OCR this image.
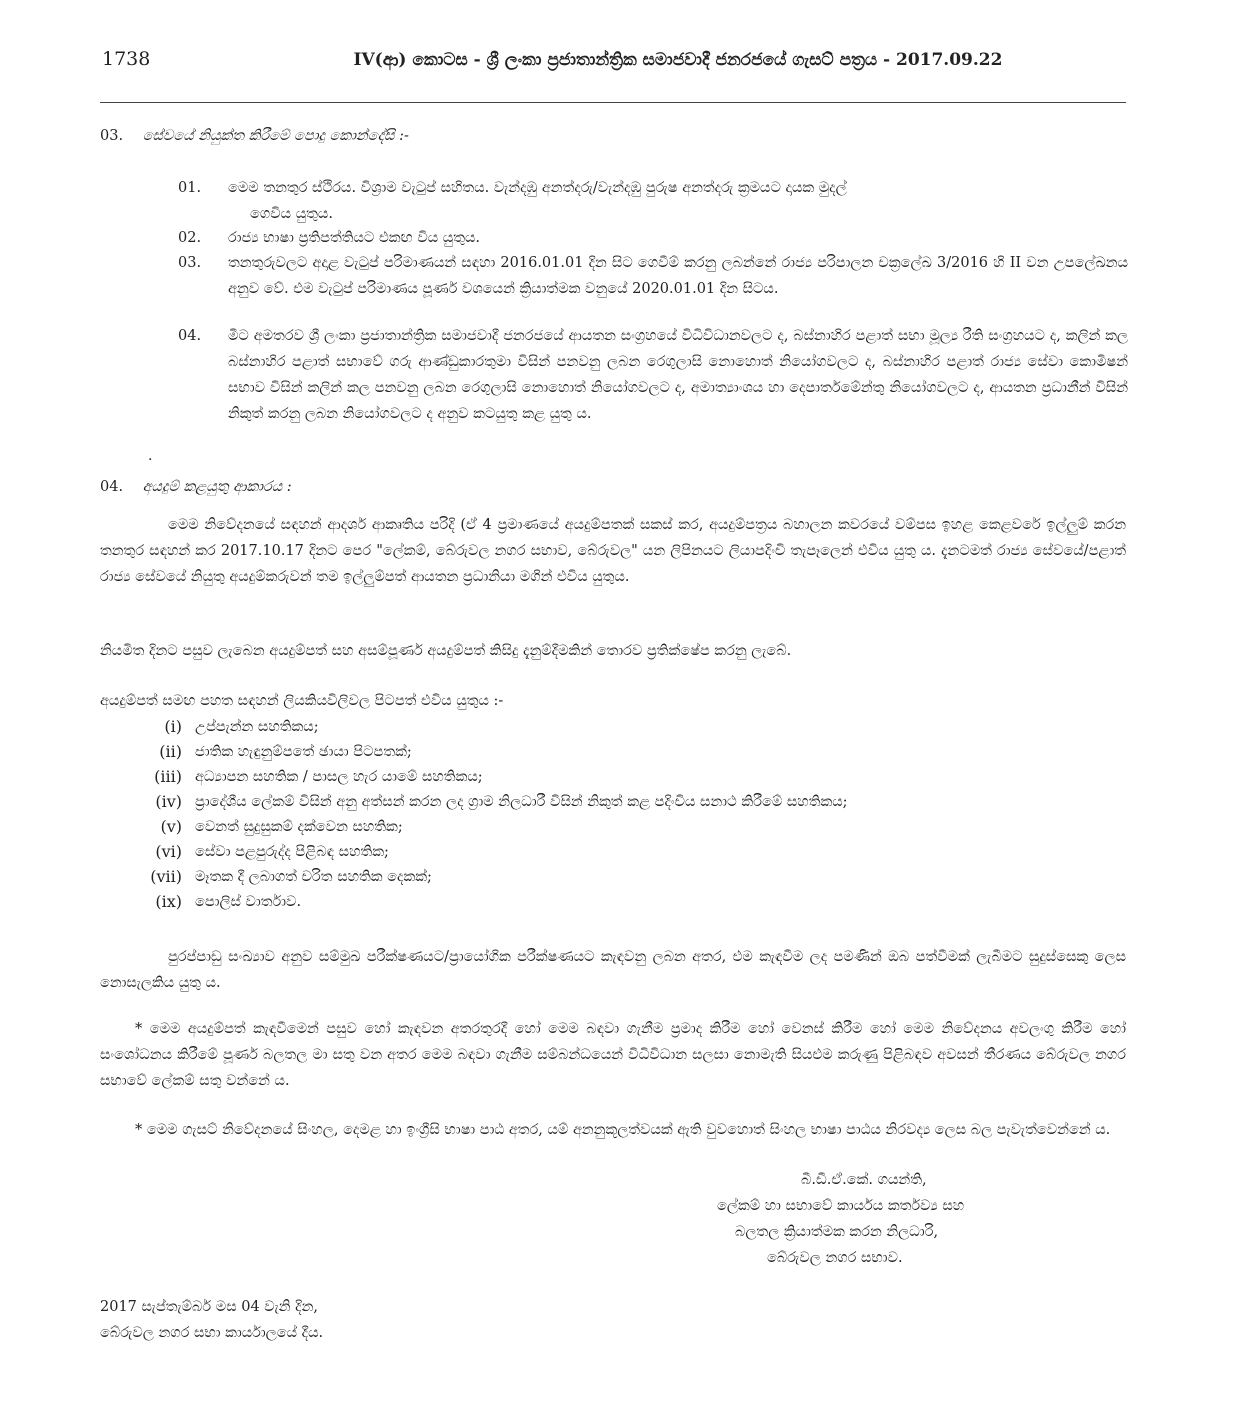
1738	IV(ආ) කොටස - ශ්‍රී ලංකා ප්‍රජාතාන්ත්‍රික සමාජවාදී ජනරජයේ ගැසට් පත්‍රය - 2017.09.22
03. සේවයේ නියුක්ත කිරීමේ පොදු කොන්දේසි :-
01.	මෙම තනතුර ස්ථිරය. විශ්‍රාම වැටුප් සහිතය. වැන්දඹු අනත්දරු/වැන්දඹු පුරුෂ අනත්දරු ක්‍රමයට දායක මුදල්
ගෙවිය යුතුය.
02.	රාජ්‍ය භාෂා ප්‍රතිපත්තියට එකඟ විය යුතුය.
03.	තනතුරුවලට අදාළ වැටුප් පරිමාණයන් සඳහා 2016.01.01 දින සිට ගෙවීම් කරනු ලබන්නේ රාජ්‍ය පරිපාලන චක්‍රලේඛ 3/2016 හි II වන උපලේඛනය අනුව වේ. එම වැටුප් පරිමාණය පූර්ණ වශයෙන් ක්‍රියාත්මක වනුයේ 2020.01.01 දින සිටය.
04.	මීට අමතරව ශ්‍රී ලංකා ප්‍රජාතාන්ත්‍රික සමාජවාදී ජනරජයේ ආයතන සංග්‍රහයේ විධිවිධානවලට ද, බස්නාහිර පළාත් සභා මූල්‍ය රීති සංග්‍රහයට ද, කලින් කල බස්නාහිර පළාත් සභාවේ ගරු ආණ්ඩුකාරතුමා විසින් පනවනු ලබන රෙගුලාසි නොහොත් නියෝගවලට ද, බස්නාහිර පළාත් රාජ්‍ය සේවා කොමිෂන් සභාව විසින් කලින් කල පනවනු ලබන රෙගුලාසි නොහොත් නියෝගවලට ද, අමාත්‍යාංශය හා දෙපාර්තමේන්තු නියෝගවලට ද, ආයතන ප්‍රධානීන් විසින් නිකුත් කරනු ලබන නියෝගවලට ද අනුව කටයුතු කළ යුතු ය.
.
04. අයදුම් කළයුතු ආකාරය :
මෙම නිවේදනයේ සඳහන් ආදර්ශ ආකෘතිය පරිදි (ඒ 4 ප්‍රමාණයේ අයදුම්පතක් සකස් කර, අයදුම්පත්‍රය බහාලන කවරයේ වම්පස ඉහළ කෙළවරේ ඉල්ලුම් කරන තනතුර සඳහන් කර 2017.10.17 දිනට පෙර "ලේකම්, බේරුවල නගර සභාව, බේරුවල" යන ලිපිනයට ලියාපදිංචි තැපෑලෙන් එවිය යුතු ය. දැනටමත් රාජ්‍ය සේවයේ/පළාත් රාජ්‍ය සේවයේ නියුතු අයදුම්කරුවන් තම ඉල්ලුම්පත් ආයතන ප්‍රධානියා මගින් එවිය යුතුය.
නියමිත දිනට පසුව ලැබෙන අයදුම්පත් සහ අසම්පූර්ණ අයදුම්පත් කිසිදු දැනුම්දීමකින් තොරව ප්‍රතික්ෂේප කරනු ලැබේ.
අයදුම්පත් සමඟ පහත සඳහන් ලියකියවිලිවල පිටපත් එවිය යුතුය :-
(i) උප්පැන්න සහතිකය;
(ii) ජාතික හැඳුනුම්පතේ ඡායා පිටපතක්;
(iii) අධ්‍යාපන සහතික / පාසල හැර යාමේ සහතිකය;
(iv) ප්‍රාදේශීය ලේකම් විසින් අනු අත්සන් කරන ලද ග්‍රාම නිලධාරී විසින් නිකුත් කළ පදිංචිය සනාථ කිරීමේ සහතිකය;
(v) වෙනත් සුදුසුකම් දක්වෙන සහතික;
(vi) සේවා පළපුරුද්ද පිළිබඳ සහතික;
(vii) මෑතක දී ලබාගත් චරිත සහතික දෙකක්;
(ix) පොලිස් වාර්තාව.
පුරප්පාඩු සංඛ්‍යාව අනුව සම්මුඛ පරීක්ෂණයට/ප්‍රායෝගික පරීක්ෂණයට කැඳවනු ලබන අතර, එම කැඳවීම ලද පමණින් ඔබ පත්වීමක් ලැබීමට සුදුස්සෙකු ලෙස නොසැලකිය යුතු ය.
* මෙම අයදුම්පත් කැඳවීමෙන් පසුව හෝ කැඳවන අතරතුරදී හෝ මෙම බඳවා ගැනීම ප්‍රමාද කිරීම හෝ වෙනස් කිරීම හෝ මෙම නිවේදනය අවලංගු කිරීම හෝ සංශෝධනය කිරීමේ පූර්ණ බලතල මා සතු වන අතර මෙම බඳවා ගැනීම සම්බන්ධයෙන් විධිවිධාන සලසා නොමැති සියළුම කරුණු පිළිබඳව අවසන් තීරණය බේරුවල නගර සභාවේ ලේකම් සතු වන්නේ ය.
* මෙම ගැසට් නිවේදනයේ සිංහල, දෙමළ හා ඉංග්‍රීසි භාෂා පාඨ අතර, යම් අනනුකූලත්වයක් ඇති වුවහොත් සිංහල භාෂා පාඨය නිරවද්‍ය ලෙස බල පැවැත්වෙන්නේ ය.
බී.ඩී.ඒ.කේ. ගයන්ති,
ලේකම් හා සභාවේ කාර්යය කර්තව්‍ය සහ
බලතල ක්‍රියාත්මක කරන නිලධාරි,
බේරුවල නගර සභාව.
2017 සැප්තැම්බර් මස 04 වැනි දින,
බේරුවල නගර සභා කාර්යාලයේ දීය.
